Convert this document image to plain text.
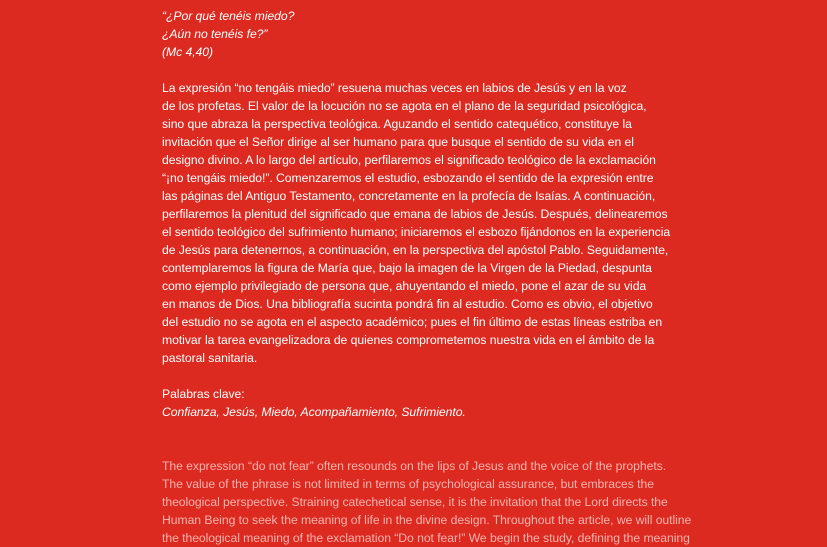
“¿Por qué tenéis miedo?
¿Aún no tenéis fe?”
(Mc 4,40)
La expresión “no tengáis miedo” resuena muchas veces en labios de Jesús y en la voz
de los profetas. El valor de la locución no se agota en el plano de la seguridad psicológica,
sino que abraza la perspectiva teológica. Aguzando el sentido catequético, constituye la
invitación que el Señor dirige al ser humano para que busque el sentido de su vida en el
designo divino. A lo largo del artículo, perfilaremos el significado teológico de la exclamación
“¡no tengáis miedo!”. Comenzaremos el estudio, esbozando el sentido de la expresión entre
las páginas del Antiguo Testamento, concretamente en la profecía de Isaías. A continuación,
perfilaremos la plenitud del significado que emana de labios de Jesús. Después, delinearemos
el sentido teológico del sufrimiento humano; iniciaremos el esbozo fijándonos en la experiencia
de Jesús para detenernos, a continuación, en la perspectiva del apóstol Pablo. Seguidamente,
contemplaremos la figura de María que, bajo la imagen de la Virgen de la Piedad, despunta
como ejemplo privilegiado de persona que, ahuyentando el miedo, pone el azar de su vida
en manos de Dios. Una bibliografía sucinta pondrá fin al estudio. Como es obvio, el objetivo
del estudio no se agota en el aspecto académico; pues el fin último de estas líneas estriba en
motivar la tarea evangelizadora de quienes comprometemos nuestra vida en el ámbito de la
pastoral sanitaria.
Palabras clave:
Confianza, Jesús, Miedo, Acompañamiento, Sufrimiento.
The expression “do not fear” often resounds on the lips of Jesus and the voice of the prophets.
The value of the phrase is not limited in terms of psychological assurance, but embraces the
theological perspective. Straining catechetical sense, it is the invitation that the Lord directs the
Human Being to seek the meaning of life in the divine design. Throughout the article, we will outline
the theological meaning of the exclamation “Do not fear!” We begin the study, defining the meaning
